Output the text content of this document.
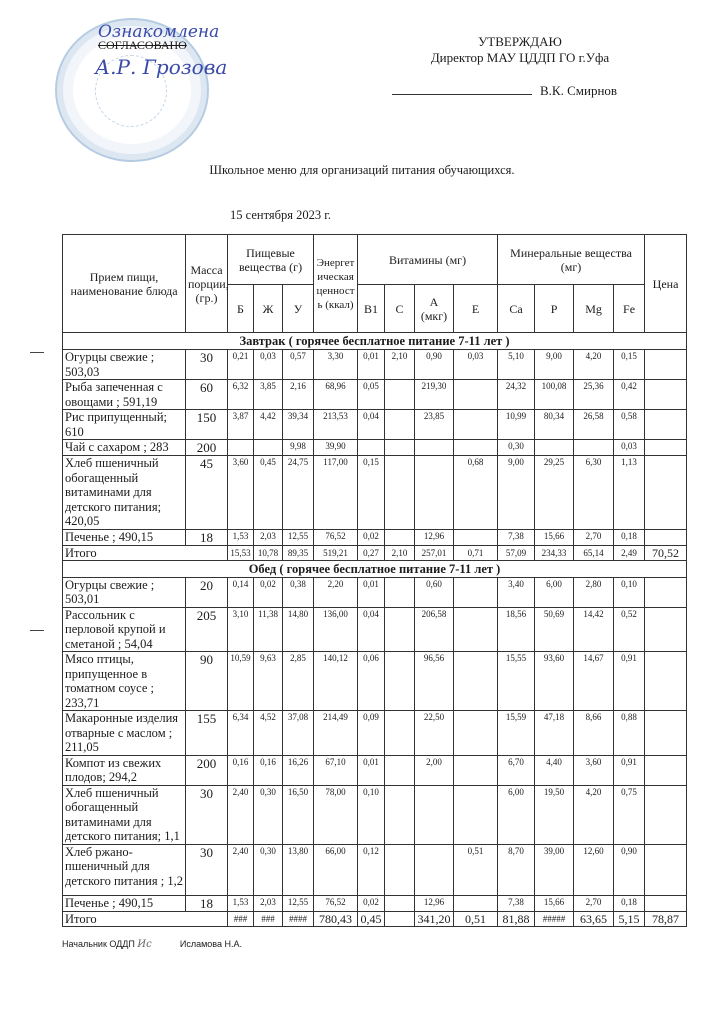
Ознакомлена
СОГЛАСОВАНО
А.Р. Грозова
УТВЕРЖДАЮ
Директор МАУ ЦДДП ГО г.Уфа
В.К. Смирнов
Школьное меню для организаций питания обучающихся.
15 сентября 2023 г.
Прием пищи, наименование блюда	Масса порции, (гр.)	Пищевые вещества (г)			Энергетическая ценность (ккал)	Витамины (мг)				Минеральные вещества (мг)				Цена
		Б	Ж	У		B1	C	А (мкг)	E	Ca	P	Mg	Fe	
Завтрак ( горячее бесплатное питание 7-11 лет )														
Огурцы свежие ; 503,03	30	0,21	0,03	0,57	3,30	0,01	2,10	0,90	0,03	5,10	9,00	4,20	0,15	
Рыба запеченная с овощами ; 591,19	60	6,32	3,85	2,16	68,96	0,05		219,30		24,32	100,08	25,36	0,42	
Рис припущенный; 610	150	3,87	4,42	39,34	213,53	0,04		23,85		10,99	80,34	26,58	0,58	
Чай с сахаром ; 283	200			9,98	39,90					0,30			0,03	
Хлеб пшеничный обогащенный витаминами для детского питания; 420,05	45	3,60	0,45	24,75	117,00	0,15			0,68	9,00	29,25	6,30	1,13	
Печенье ; 490,15	18	1,53	2,03	12,55	76,52	0,02		12,96		7,38	15,66	2,70	0,18	
Итого		15,53	10,78	89,35	519,21	0,27	2,10	257,01	0,71	57,09	234,33	65,14	2,49	70,52
Обед ( горячее бесплатное питание 7-11 лет )														
Огурцы свежие ; 503,01	20	0,14	0,02	0,38	2,20	0,01		0,60		3,40	6,00	2,80	0,10	
Рассольник с перловой крупой и сметаной ; 54,04	205	3,10	11,38	14,80	136,00	0,04		206,58		18,56	50,69	14,42	0,52	
Мясо птицы, припущенное в томатном соусе ; 233,71	90	10,59	9,63	2,85	140,12	0,06		96,56		15,55	93,60	14,67	0,91	
Макаронные изделия отварные с маслом ; 211,05	155	6,34	4,52	37,08	214,49	0,09		22,50		15,59	47,18	8,66	0,88	
Компот из свежих плодов; 294,2	200	0,16	0,16	16,26	67,10	0,01		2,00		6,70	4,40	3,60	0,91	
Хлеб пшеничный обогащенный витаминами для детского питания; 1,1	30	2,40	0,30	16,50	78,00	0,10				6,00	19,50	4,20	0,75	
Хлеб ржано-пшеничный для детского питания ; 1,2	30	2,40	0,30	13,80	66,00	0,12			0,51	8,70	39,00	12,60	0,90	
Печенье ; 490,15	18	1,53	2,03	12,55	76,52	0,02		12,96		7,38	15,66	2,70	0,18	
Итого		###	###	####	780,43	0,45		341,20	0,51	81,88	#####	63,65	5,15	78,87
Начальник ОДДП Ис	Исламова Н.А.
